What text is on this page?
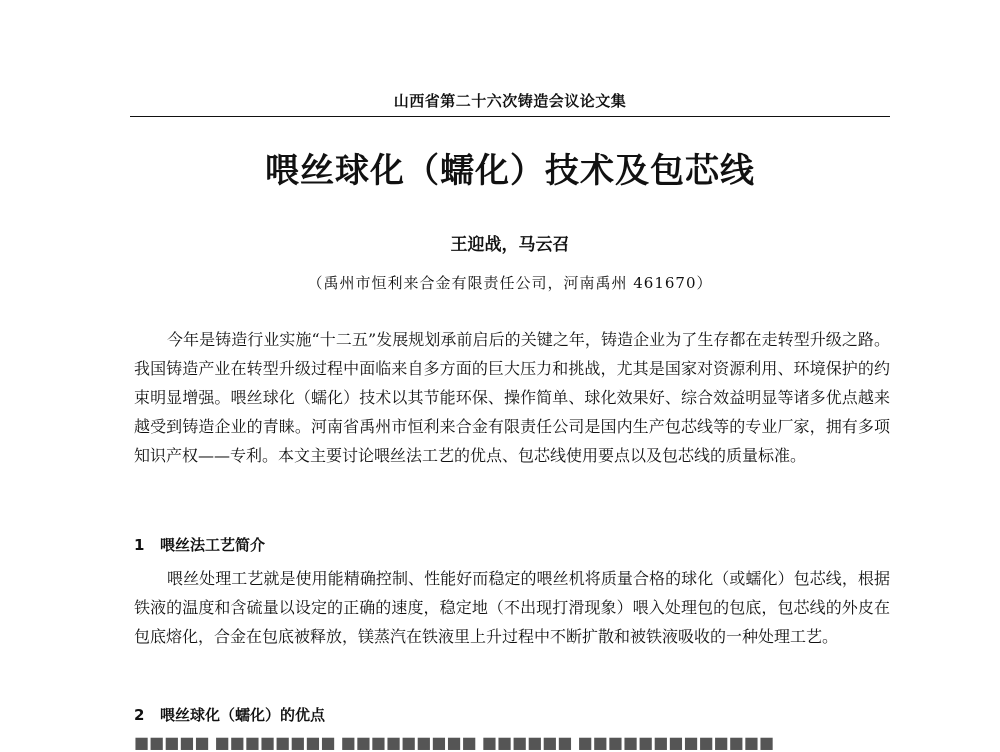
山西省第二十六次铸造会议论文集
喂丝球化（蠕化）技术及包芯线
王迎战，马云召
（禹州市恒利来合金有限责任公司，河南禹州 461670）

今年是铸造行业实施“十二五”发展规划承前启后的关键之年，铸造企业为了生存都在走转型升级之路。我国铸造产业在转型升级过程中面临来自多方面的巨大压力和挑战，尤其是国家对资源利用、环境保护的约束明显增强。喂丝球化（蠕化）技术以其节能环保、操作简单、球化效果好、综合效益明显等诸多优点越来越受到铸造企业的青睐。河南省禹州市恒利来合金有限责任公司是国内生产包芯线等的专业厂家，拥有多项知识产权——专利。本文主要讨论喂丝法工艺的优点、包芯线使用要点以及包芯线的质量标准。

1 喂丝法工艺简介

喂丝处理工艺就是使用能精确控制、性能好而稳定的喂丝机将质量合格的球化（或蠕化）包芯线，根据铁液的温度和含硫量以设定的正确的速度，稳定地（不出现打滑现象）喂入处理包的包底，包芯线的外皮在包底熔化，合金在包底被释放，镁蒸汽在铁液里上升过程中不断扩散和被铁液吸收的一种处理工艺。

2 喂丝球化（蠕化）的优点
■■■■■ ■■■■■■■■ ■■■■■■■■■ ■■■■■■ ■■■■■■■■■■■■■
